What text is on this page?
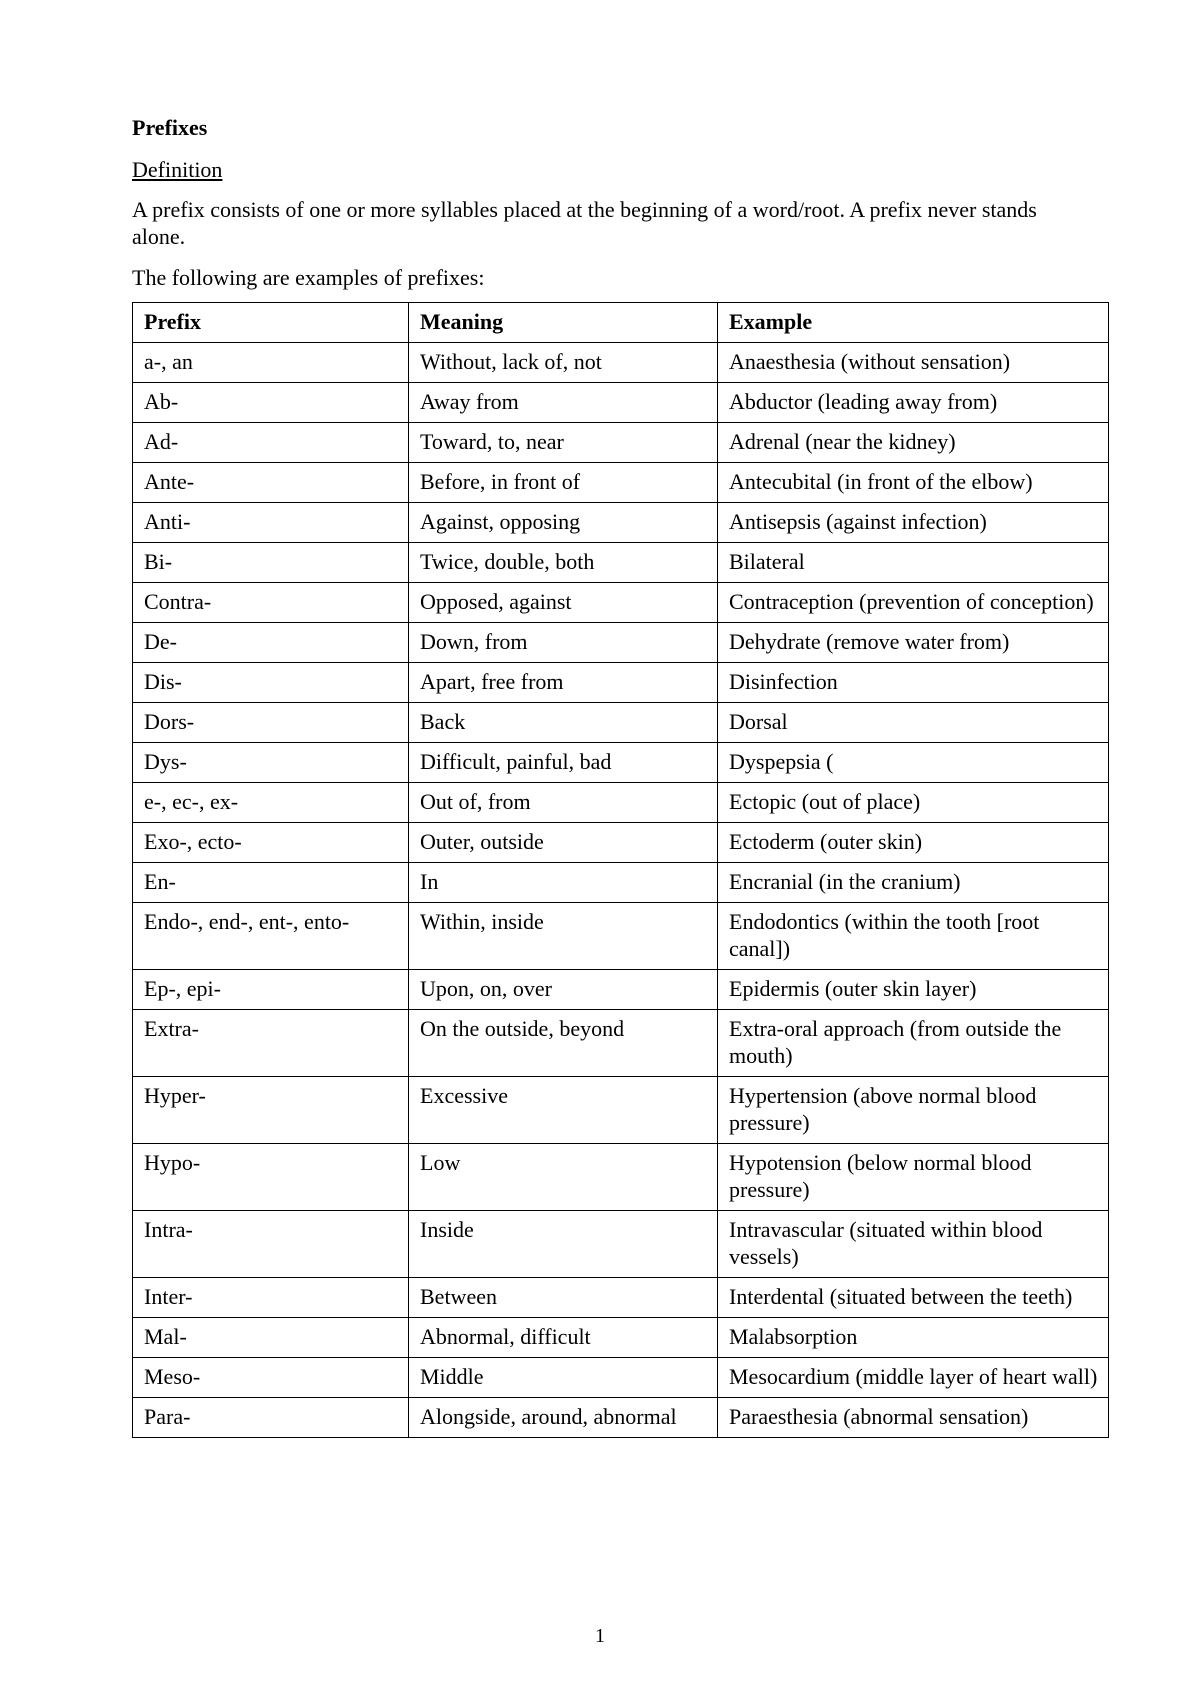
Prefixes

Definition

A prefix consists of one or more syllables placed at the beginning of a word/root. A prefix never stands alone.

The following are examples of prefixes:

Prefix	Meaning	Example
a-, an	Without, lack of, not	Anaesthesia (without sensation)
Ab-	Away from	Abductor (leading away from)
Ad-	Toward, to, near	Adrenal (near the kidney)
Ante-	Before, in front of	Antecubital (in front of the elbow)
Anti-	Against, opposing	Antisepsis (against infection)
Bi-	Twice, double, both	Bilateral
Contra-	Opposed, against	Contraception (prevention of conception)
De-	Down, from	Dehydrate (remove water from)
Dis-	Apart, free from	Disinfection
Dors-	Back	Dorsal
Dys-	Difficult, painful, bad	Dyspepsia (
e-, ec-, ex-	Out of, from	Ectopic (out of place)
Exo-, ecto-	Outer, outside	Ectoderm (outer skin)
En-	In	Encranial (in the cranium)
Endo-, end-, ent-, ento-	Within, inside	Endodontics (within the tooth [root canal])
Ep-, epi-	Upon, on, over	Epidermis (outer skin layer)
Extra-	On the outside, beyond	Extra-oral approach (from outside the mouth)
Hyper-	Excessive	Hypertension (above normal blood pressure)
Hypo-	Low	Hypotension (below normal blood pressure)
Intra-	Inside	Intravascular (situated within blood vessels)
Inter-	Between	Interdental (situated between the teeth)
Mal-	Abnormal, difficult	Malabsorption
Meso-	Middle	Mesocardium (middle layer of heart wall)
Para-	Alongside, around, abnormal	Paraesthesia (abnormal sensation)
1
